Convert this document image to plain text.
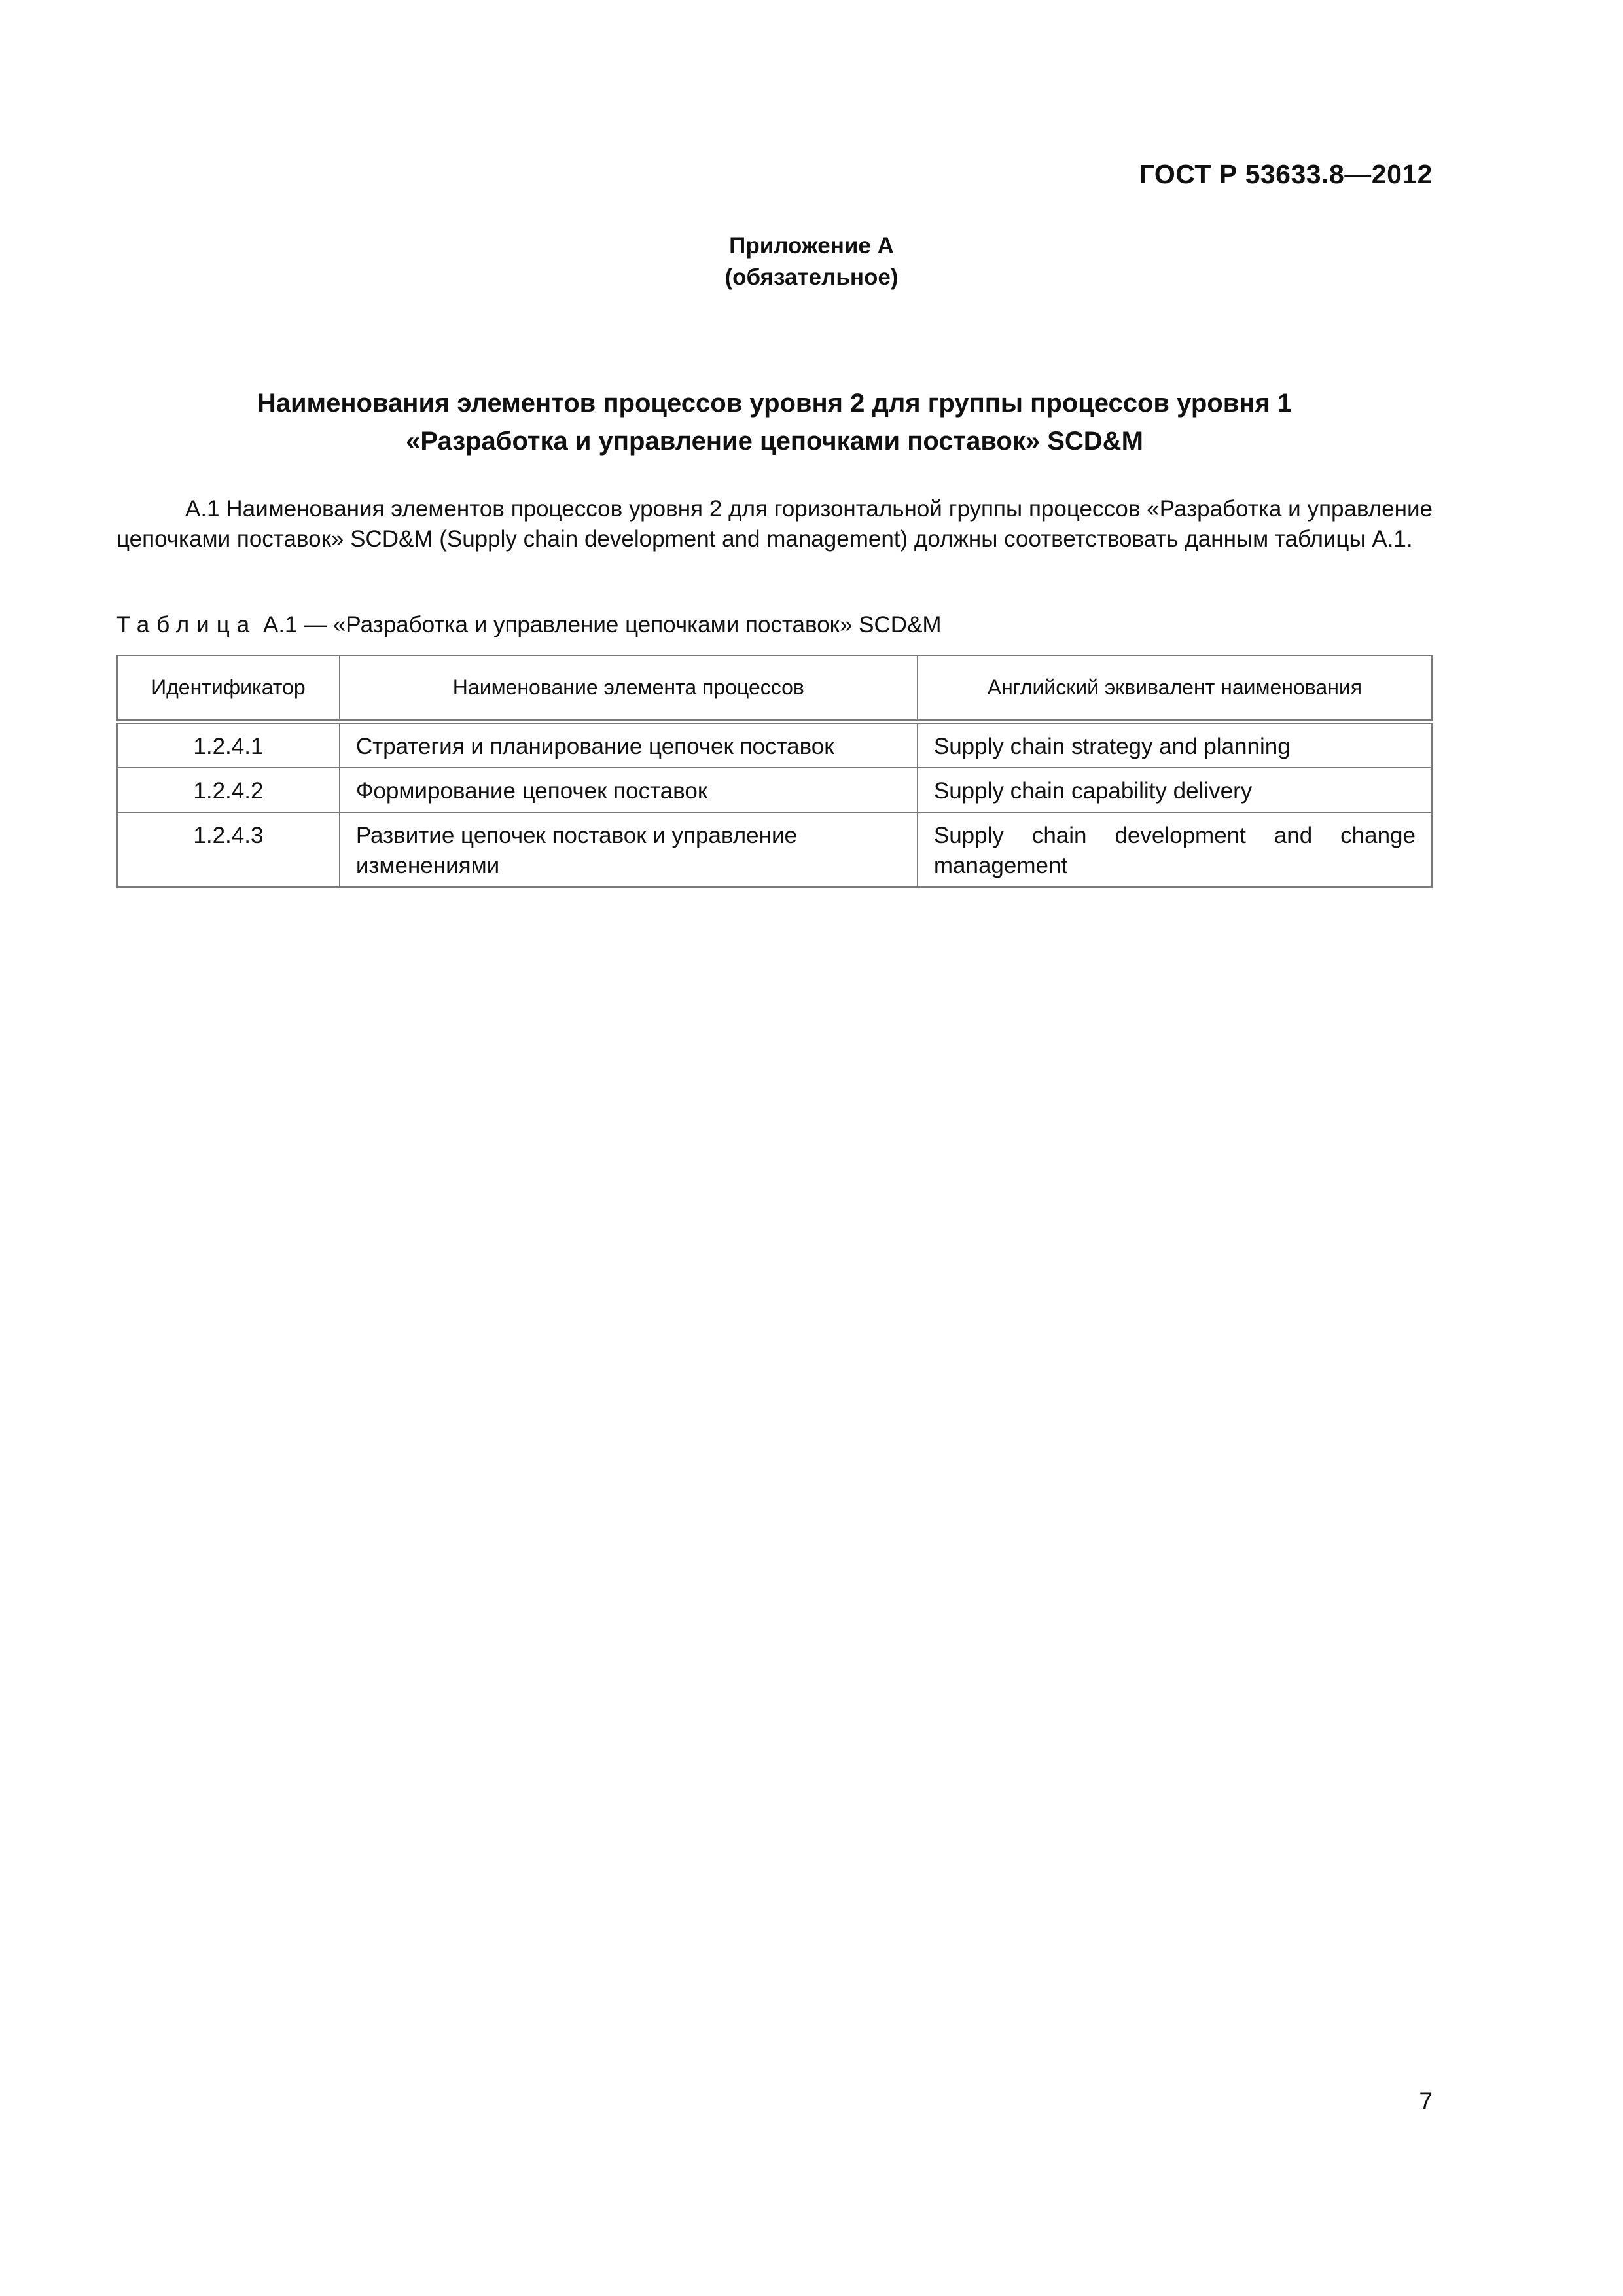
ГОСТ Р 53633.8—2012
Приложение А
(обязательное)
Наименования элементов процессов уровня 2 для группы процессов уровня 1
«Разработка и управление цепочками поставок» SCD&M
А.1 Наименования элементов процессов уровня 2 для горизонтальной группы процессов «Разработка и управление цепочками поставок» SCD&M (Supply chain development and management) должны соответствовать данным таблицы А.1.
Таблица А.1 — «Разработка и управление цепочками поставок» SCD&M
Идентификатор	Наименование элемента процессов	Английский эквивалент наименования
1.2.4.1	Стратегия и планирование цепочек поставок	Supply chain strategy and planning
1.2.4.2	Формирование цепочек поставок	Supply chain capability delivery
1.2.4.3	Развитие цепочек поставок и управление изменениями	Supply chain development and change management
7
